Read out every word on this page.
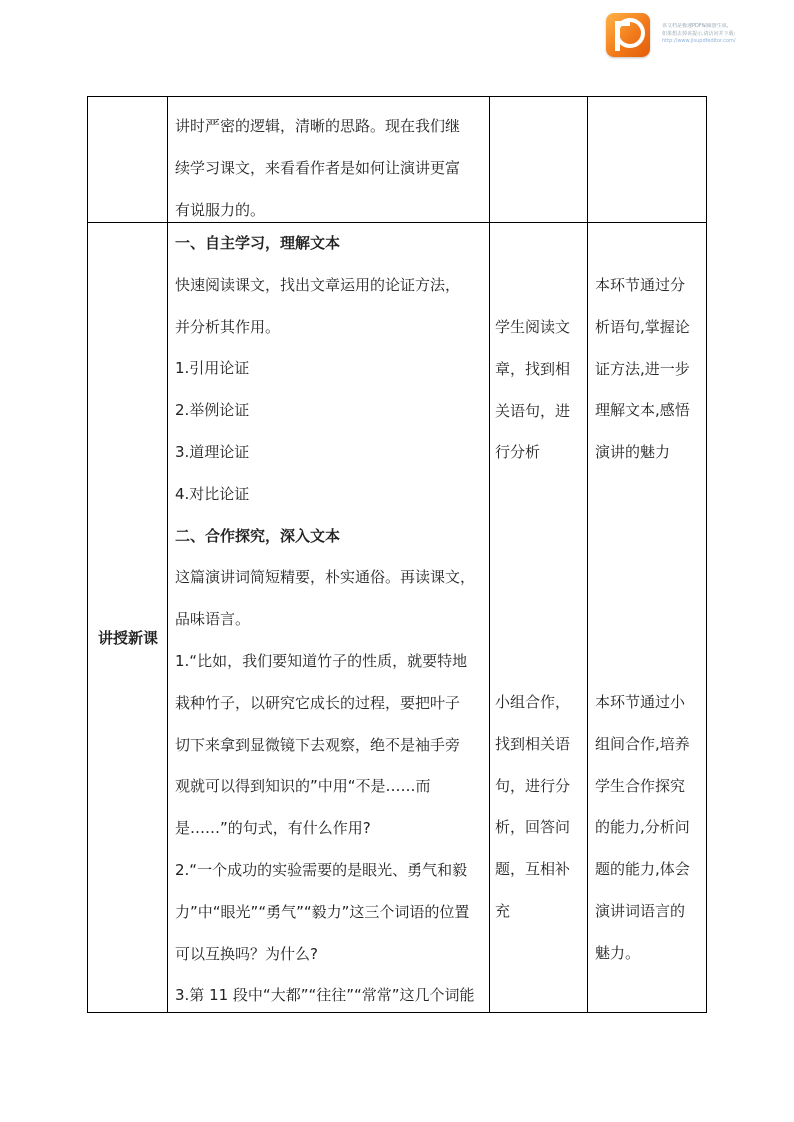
该文档是极速PDF编辑器生成,
如果想去掉该提示,请访问并下载:
http://www.jisupdfeditor.com/
讲时严密的逻辑，清晰的思路。现在我们继
续学习课文，来看看作者是如何让演讲更富
有说服力的。
讲授新课
一、自主学习，理解文本
快速阅读课文，找出文章运用的论证方法，
并分析其作用。
1.引用论证
2.举例论证
3.道理论证
4.对比论证
二、合作探究，深入文本
这篇演讲词简短精要，朴实通俗。再读课文，
品味语言。
1.“比如，我们要知道竹子的性质，就要特地
栽种竹子，以研究它成长的过程，要把叶子
切下来拿到显微镜下去观察，绝不是袖手旁
观就可以得到知识的”中用“不是……而
是……”的句式，有什么作用?
2.“一个成功的实验需要的是眼光、勇气和毅
力”中“眼光”“勇气”“毅力”这三个词语的位置
可以互换吗？为什么?
3.第 11 段中“大都”“往往”“常常”这几个词能
学生阅读文
章，找到相
关语句，进
行分析
本环节通过分
析语句,掌握论
证方法,进一步
理解文本,感悟
演讲的魅力
小组合作，
找到相关语
句，进行分
析，回答问
题，互相补
充
本环节通过小
组间合作,培养
学生合作探究
的能力,分析问
题的能力,体会
演讲词语言的
魅力。
